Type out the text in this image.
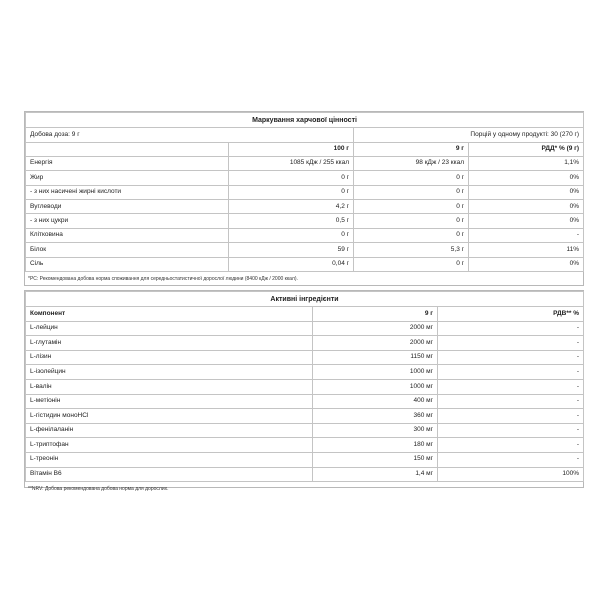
Маркування харчової цінності			
Добова доза: 9 г		Порцій у одному продукті: 30 (270 г)	
	100 г	9 г	РДД* % (9 г)
Енергія	1085 кДж / 255 ккал	98 кДж / 23 ккал	1,1%
Жир	0 г	0 г	0%
- з них насичені жирні кислоти	0 г	0 г	0%
Вуглеводи	4,2 г	0 г	0%
- з них цукри	0,5 г	0 г	0%
Клітковина	0 г	0 г	-
Білок	59 г	5,3 г	11%
Сіль	0,04 г	0 г	0%
*РС: Рекомендована добова норма споживання для середньостатистичної дорослої людини (8400 кДж / 2000 ккал).
Активні інгредієнти		
Компонент	9 г	РДВ** %
L-лейцин	2000 мг	-
L-глутамін	2000 мг	-
L-лізин	1150 мг	-
L-ізолейцин	1000 мг	-
L-валін	1000 мг	-
L-метіонін	400 мг	-
L-гістидин моноHCl	360 мг	-
L-фенілаланін	300 мг	-
L-триптофан	180 мг	-
L-треонін	150 мг	-
Вітамін В6	1,4 мг	100%
**NRV: Добова рекомендована добова норма для дорослих.
